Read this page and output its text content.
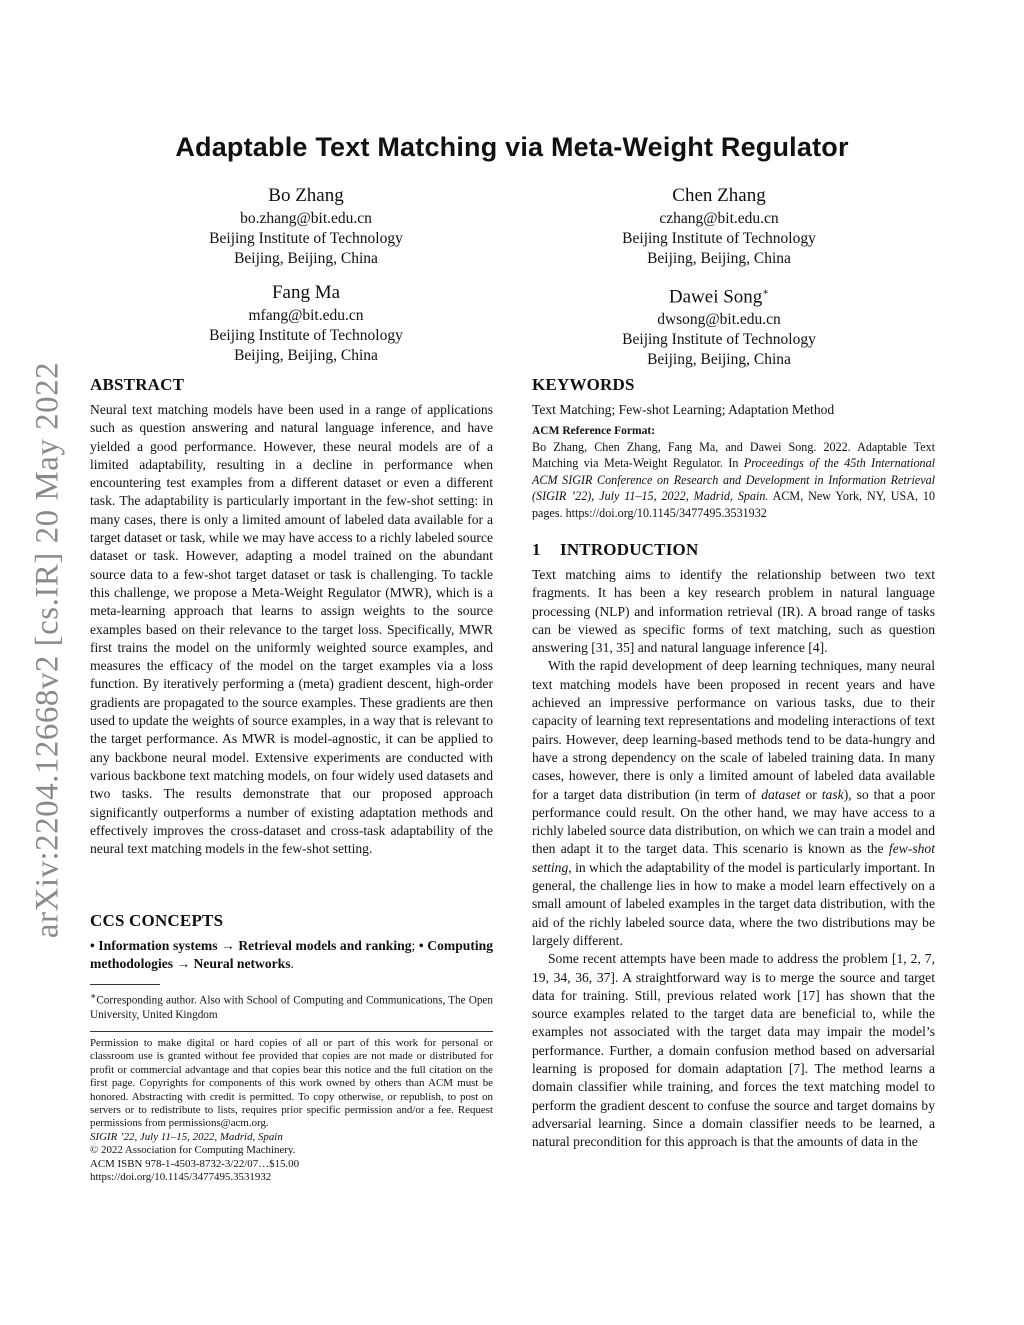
arXiv:2204.12668v2 [cs.IR] 20 May 2022
Adaptable Text Matching via Meta-Weight Regulator
Bo Zhang
bo.zhang@bit.edu.cn
Beijing Institute of Technology
Beijing, Beijing, China
Chen Zhang
czhang@bit.edu.cn
Beijing Institute of Technology
Beijing, Beijing, China
Fang Ma
mfang@bit.edu.cn
Beijing Institute of Technology
Beijing, Beijing, China
Dawei Song∗
dwsong@bit.edu.cn
Beijing Institute of Technology
Beijing, Beijing, China
ABSTRACT

Neural text matching models have been used in a range of applications such as question answering and natural language inference, and have yielded a good performance. However, these neural models are of a limited adaptability, resulting in a decline in performance when encountering test examples from a different dataset or even a different task. The adaptability is particularly important in the few-shot setting: in many cases, there is only a limited amount of labeled data available for a target dataset or task, while we may have access to a richly labeled source dataset or task. However, adapting a model trained on the abundant source data to a few-shot target dataset or task is challenging. To tackle this challenge, we propose a Meta-Weight Regulator (MWR), which is a meta-learning approach that learns to assign weights to the source examples based on their relevance to the target loss. Specifically, MWR first trains the model on the uniformly weighted source examples, and measures the efficacy of the model on the target examples via a loss function. By iteratively performing a (meta) gradient descent, high-order gradients are propagated to the source examples. These gradients are then used to update the weights of source examples, in a way that is relevant to the target performance. As MWR is model-agnostic, it can be applied to any backbone neural model. Extensive experiments are conducted with various backbone text matching models, on four widely used datasets and two tasks. The results demonstrate that our proposed approach significantly outperforms a number of existing adaptation methods and effectively improves the cross-dataset and cross-task adaptability of the neural text matching models in the few-shot setting.

CCS CONCEPTS

• Information systems → Retrieval models and ranking; • Computing methodologies → Neural networks.

∗Corresponding author. Also with School of Computing and Communications, The Open University, United Kingdom

Permission to make digital or hard copies of all or part of this work for personal or classroom use is granted without fee provided that copies are not made or distributed for profit or commercial advantage and that copies bear this notice and the full citation on the first page. Copyrights for components of this work owned by others than ACM must be honored. Abstracting with credit is permitted. To copy otherwise, or republish, to post on servers or to redistribute to lists, requires prior specific permission and/or a fee. Request permissions from permissions@acm.org.

SIGIR ’22, July 11–15, 2022, Madrid, Spain

© 2022 Association for Computing Machinery.

ACM ISBN 978-1-4503-8732-3/22/07…$15.00

https://doi.org/10.1145/3477495.3531932

KEYWORDS

Text Matching; Few-shot Learning; Adaptation Method

ACM Reference Format:

Bo Zhang, Chen Zhang, Fang Ma, and Dawei Song. 2022. Adaptable Text Matching via Meta-Weight Regulator. In Proceedings of the 45th International ACM SIGIR Conference on Research and Development in Information Retrieval (SIGIR ’22), July 11–15, 2022, Madrid, Spain. ACM, New York, NY, USA, 10 pages. https://doi.org/10.1145/3477495.3531932

1 INTRODUCTION

Text matching aims to identify the relationship between two text fragments. It has been a key research problem in natural language processing (NLP) and information retrieval (IR). A broad range of tasks can be viewed as specific forms of text matching, such as question answering [31, 35] and natural language inference [4].

With the rapid development of deep learning techniques, many neural text matching models have been proposed in recent years and have achieved an impressive performance on various tasks, due to their capacity of learning text representations and modeling interactions of text pairs. However, deep learning-based methods tend to be data-hungry and have a strong dependency on the scale of labeled training data. In many cases, however, there is only a limited amount of labeled data available for a target data distribution (in term of dataset or task), so that a poor performance could result. On the other hand, we may have access to a richly labeled source data distribution, on which we can train a model and then adapt it to the target data. This scenario is known as the few-shot setting, in which the adaptability of the model is particularly important. In general, the challenge lies in how to make a model learn effectively on a small amount of labeled examples in the target data distribution, with the aid of the richly labeled source data, where the two distributions may be largely different.

Some recent attempts have been made to address the problem [1, 2, 7, 19, 34, 36, 37]. A straightforward way is to merge the source and target data for training. Still, previous related work [17] has shown that the source examples related to the target data are beneficial to, while the examples not associated with the target data may impair the model’s performance. Further, a domain confusion method based on adversarial learning is proposed for domain adaptation [7]. The method learns a domain classifier while training, and forces the text matching model to perform the gradient descent to confuse the source and target domains by adversarial learning. Since a domain classifier needs to be learned, a natural precondition for this approach is that the amounts of data in the
